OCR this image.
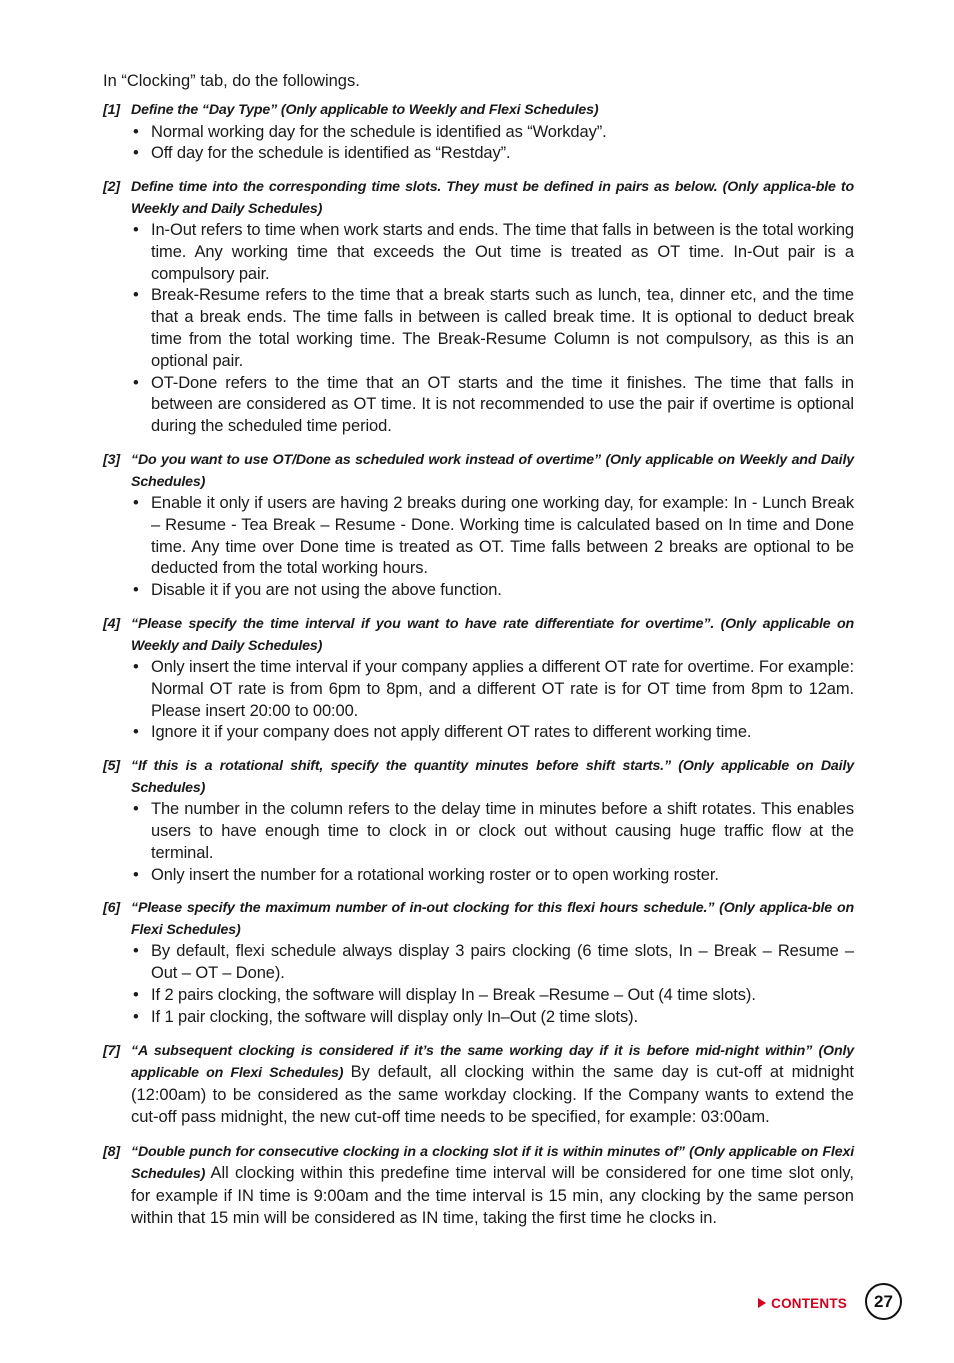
In “Clocking” tab, do the followings.

[1] Define the “Day Type” (Only applicable to Weekly and Flexi Schedules)
• Normal working day for the schedule is identified as “Workday”.
• Off day for the schedule is identified as “Restday”.
[2] Define time into the corresponding time slots. They must be defined in pairs as below. (Only applica-ble to Weekly and Daily Schedules)
• In-Out refers to time when work starts and ends. The time that falls in between is the total working time. Any working time that exceeds the Out time is treated as OT time. In-Out pair is a compulsory pair.
• Break-Resume refers to the time that a break starts such as lunch, tea, dinner etc, and the time that a break ends. The time falls in between is called break time. It is optional to deduct break time from the total working time. The Break-Resume Column is not compulsory, as this is an optional pair.
• OT-Done refers to the time that an OT starts and the time it finishes. The time that falls in between are considered as OT time. It is not recommended to use the pair if overtime is optional during the scheduled time period.
[3] “Do you want to use OT/Done as scheduled work instead of overtime” (Only applicable on Weekly and Daily Schedules)
• Enable it only if users are having 2 breaks during one working day, for example: In - Lunch Break – Resume - Tea Break – Resume - Done. Working time is calculated based on In time and Done time. Any time over Done time is treated as OT. Time falls between 2 breaks are optional to be deducted from the total working hours.
• Disable it if you are not using the above function.
[4] “Please specify the time interval if you want to have rate differentiate for overtime”. (Only applicable on Weekly and Daily Schedules)
• Only insert the time interval if your company applies a different OT rate for overtime. For example: Normal OT rate is from 6pm to 8pm, and a different OT rate is for OT time from 8pm to 12am. Please insert 20:00 to 00:00.
• Ignore it if your company does not apply different OT rates to different working time.
[5] “If this is a rotational shift, specify the quantity minutes before shift starts.” (Only applicable on Daily Schedules)
• The number in the column refers to the delay time in minutes before a shift rotates. This enables users to have enough time to clock in or clock out without causing huge traffic flow at the terminal.
• Only insert the number for a rotational working roster or to open working roster.
[6] “Please specify the maximum number of in-out clocking for this flexi hours schedule.” (Only applica-ble on Flexi Schedules)
• By default, flexi schedule always display 3 pairs clocking (6 time slots, In – Break – Resume – Out – OT – Done).
• If 2 pairs clocking, the software will display In – Break –Resume – Out (4 time slots).
• If 1 pair clocking, the software will display only In–Out (2 time slots).
[7] “A subsequent clocking is considered if it’s the same working day if it is before mid-night within” (Only applicable on Flexi Schedules) By default, all clocking within the same day is cut-off at midnight (12:00am) to be considered as the same workday clocking. If the Company wants to extend the cut-off pass midnight, the new cut-off time needs to be specified, for example: 03:00am.
[8] “Double punch for consecutive clocking in a clocking slot if it is within minutes of” (Only applicable on Flexi Schedules) All clocking within this predefine time interval will be considered for one time slot only, for example if IN time is 9:00am and the time interval is 15 min, any clocking by the same person within that 15 min will be considered as IN time, taking the first time he clocks in.
CONTENTS 27
